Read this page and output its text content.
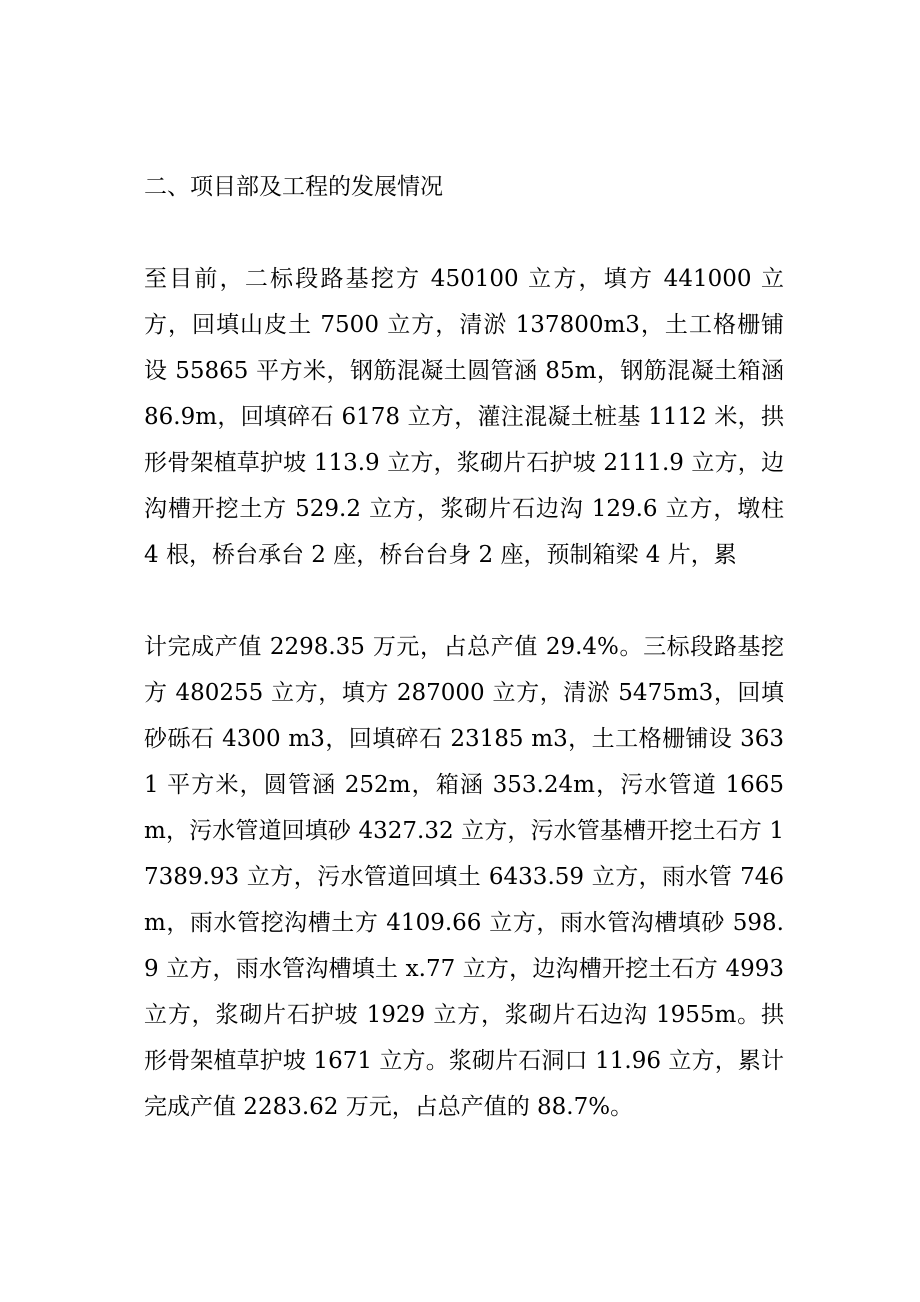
二、项目部及工程的发展情况

至目前，二标段路基挖方 450100 立方，填方 441000 立方，回填山皮土 7500 立方，清淤 137800m3，土工格栅铺设 55865 平方米，钢筋混凝土圆管涵 85m，钢筋混凝土箱涵 86.9m，回填碎石 6178 立方，灌注混凝土桩基 1112 米，拱形骨架植草护坡 113.9 立方，浆砌片石护坡 2111.9 立方，边沟槽开挖土方 529.2 立方，浆砌片石边沟 129.6 立方，墩柱 4 根，桥台承台 2 座，桥台台身 2 座，预制箱梁 4 片，累

计完成产值 2298.35 万元，占总产值 29.4%。三标段路基挖方 480255 立方，填方 287000 立方，清淤 5475m3，回填砂砾石 4300 m3，回填碎石 23185 m3，土工格栅铺设 3631 平方米，圆管涵 252m，箱涵 353.24m，污水管道 1665m，污水管道回填砂 4327.32 立方，污水管基槽开挖土石方 17389.93 立方，污水管道回填土 6433.59 立方，雨水管 746m，雨水管挖沟槽土方 4109.66 立方，雨水管沟槽填砂 598.9 立方，雨水管沟槽填土 x.77 立方，边沟槽开挖土石方 4993 立方，浆砌片石护坡 1929 立方，浆砌片石边沟 1955m。拱形骨架植草护坡 1671 立方。浆砌片石洞口 11.96 立方，累计完成产值 2283.62 万元，占总产值的 88.7%。
